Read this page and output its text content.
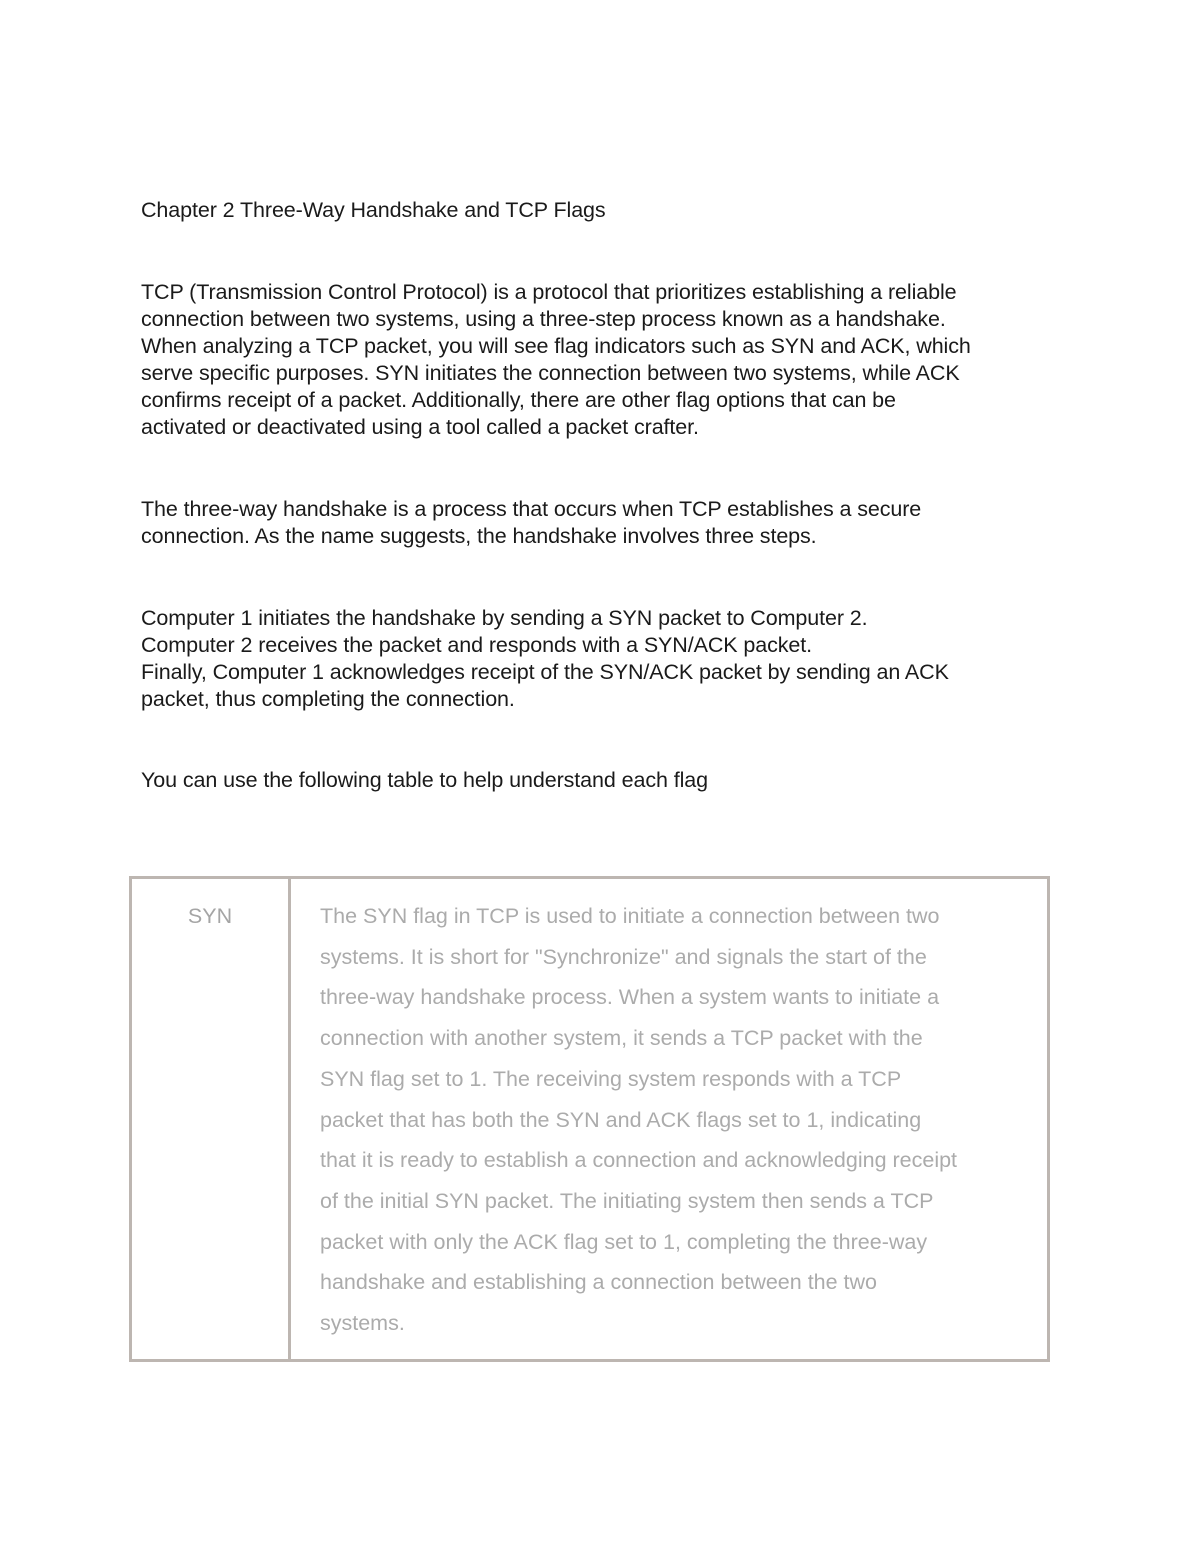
Chapter 2 Three-Way Handshake and TCP Flags
TCP (Transmission Control Protocol) is a protocol that prioritizes establishing a reliable
connection between two systems, using a three-step process known as a handshake.
When analyzing a TCP packet, you will see flag indicators such as SYN and ACK, which
serve specific purposes. SYN initiates the connection between two systems, while ACK
confirms receipt of a packet. Additionally, there are other flag options that can be
activated or deactivated using a tool called a packet crafter.
The three-way handshake is a process that occurs when TCP establishes a secure
connection. As the name suggests, the handshake involves three steps.
Computer 1 initiates the handshake by sending a SYN packet to Computer 2.
Computer 2 receives the packet and responds with a SYN/ACK packet.
Finally, Computer 1 acknowledges receipt of the SYN/ACK packet by sending an ACK
packet, thus completing the connection.
You can use the following table to help understand each flag
SYN	The SYN flag in TCP is used to initiate a connection between two
systems. It is short for "Synchronize" and signals the start of the
three-way handshake process. When a system wants to initiate a
connection with another system, it sends a TCP packet with the
SYN flag set to 1. The receiving system responds with a TCP
packet that has both the SYN and ACK flags set to 1, indicating
that it is ready to establish a connection and acknowledging receipt
of the initial SYN packet. The initiating system then sends a TCP
packet with only the ACK flag set to 1, completing the three-way
handshake and establishing a connection between the two
systems.
